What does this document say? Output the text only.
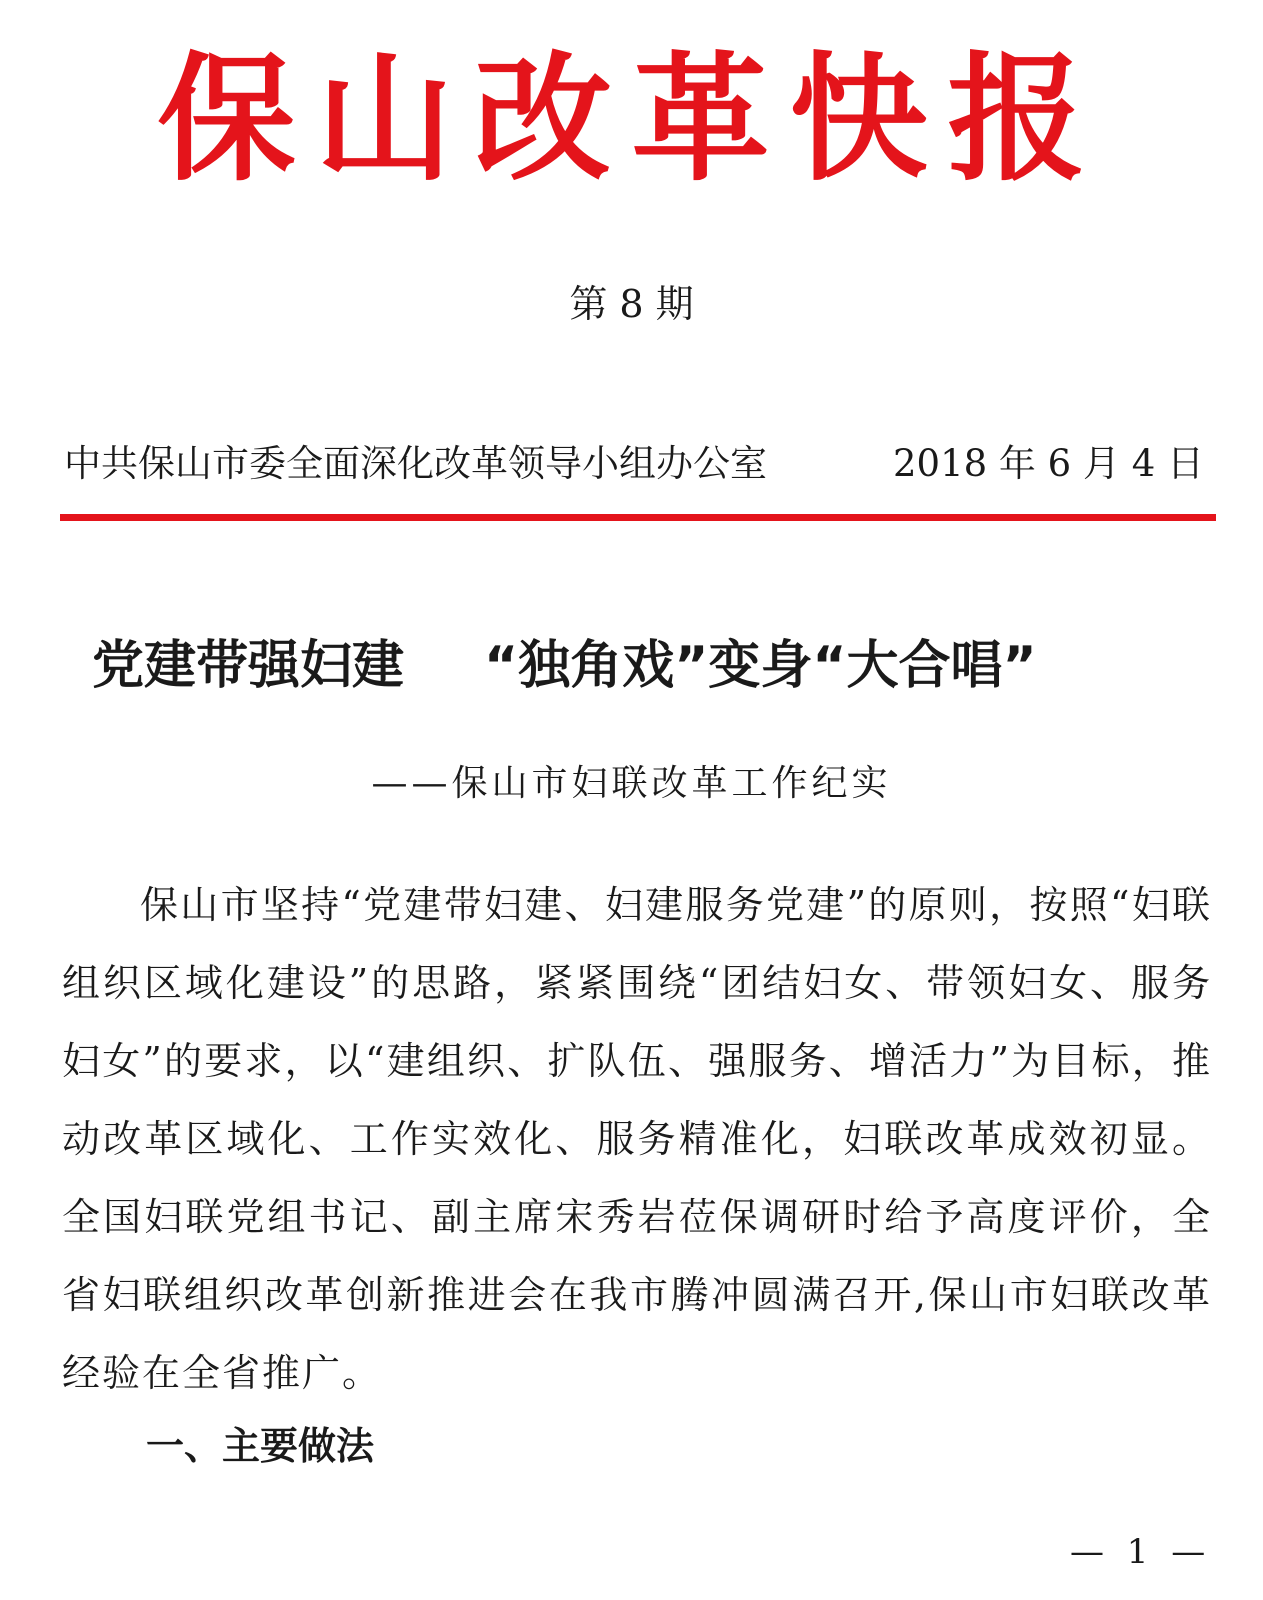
保山改革快报
第 8 期
中共保山市委全面深化改革领导小组办公室	2018 年 6 月 4 日
党建带强妇建 “独角戏”变身“大合唱”
——保山市妇联改革工作纪实
保山市坚持“党建带妇建、妇建服务党建”的原则，按照“妇联组织区域化建设”的思路，紧紧围绕“团结妇女、带领妇女、服务妇女”的要求，以“建组织、扩队伍、强服务、增活力”为目标，推动改革区域化、工作实效化、服务精准化，妇联改革成效初显。全国妇联党组书记、副主席宋秀岩莅保调研时给予高度评价，全省妇联组织改革创新推进会在我市腾冲圆满召开,保山市妇联改革经验在全省推广。
一、主要做法
— 1 —
